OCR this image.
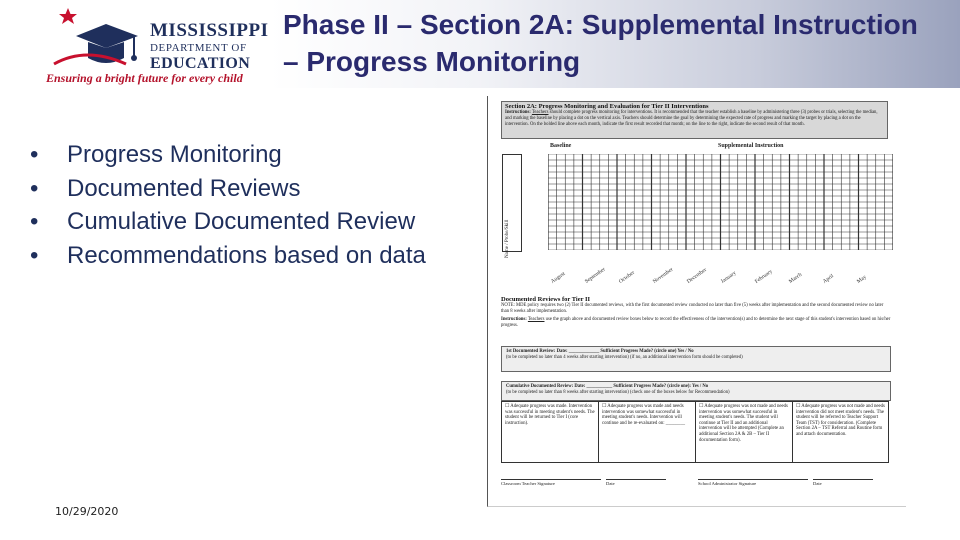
MISSISSIPPI
DEPARTMENT OF
EDUCATION
Ensuring a bright future for every child
Phase II – Section 2A: Supplemental Instruction – Progress Monitoring
• Progress Monitoring
• Documented Reviews
• Cumulative Documented Review
• Recommendations based on data
10/29/2020
Section 2A: Progress Monitoring and Evaluation for Tier II Interventions
Instructions: Teachers should complete progress monitoring for interventions. It is recommended that the teacher establish a baseline by administering three (3) probes or trials, selecting the median, and marking the baseline by placing a dot on the vertical axis. Teachers should determine the goal by determining the expected rate of progress and marking the target by placing a dot on the intervention. On the bolded line above each month, indicate the first result recorded that month; on the line to the right, indicate the second result of that month.
Baseline	Supplemental Instruction
Name / Probe/Skill
August	September October	November December January	February	March	April	May
Documented Reviews for Tier II
NOTE: MDE policy requires two (2) Tier II documented reviews, with the first documented review conducted no later than five (5) weeks after implementation and the second documented review no later than 8 weeks after implementation.
Instructions: Teachers use the graph above and documented review boxes below to record the effectiveness of the intervention(s) and to determine the next stage of this student's intervention based on his/her progress.
1st Documented Review: Date: _____________ Sufficient Progress Made? (circle one) Yes / No
(to be completed no later than 4 weeks after starting intervention) (if no, an additional intervention form should be completed)
Cumulative Documented Review: Date: ___________ Sufficient Progress Made? (circle one): Yes / No
(to be completed no later than 8 weeks after starting intervention) (check one of the boxes below for Recommendation)
☐ Adequate progress was made. Intervention was successful in meeting student's needs. The student will be returned to Tier I (core instruction).
☐ Adequate progress was made and needs intervention was somewhat successful in meeting student's needs. Intervention will continue and be re-evaluated on: ________
☐ Adequate progress was not made and needs intervention was somewhat successful in meeting student's needs. The student will continue at Tier II and an additional intervention will be attempted (Complete an additional Section 2A & 2B – Tier II documentation form).
☐ Adequate progress was not made and needs intervention did not meet student's needs. The student will be referred to Teacher Support Team (TST) for consideration. (Complete Section 2A – TST Referral and Routine form and attach documentation.
Classroom Teacher Signature	Date	School Administrator Signature	Date
